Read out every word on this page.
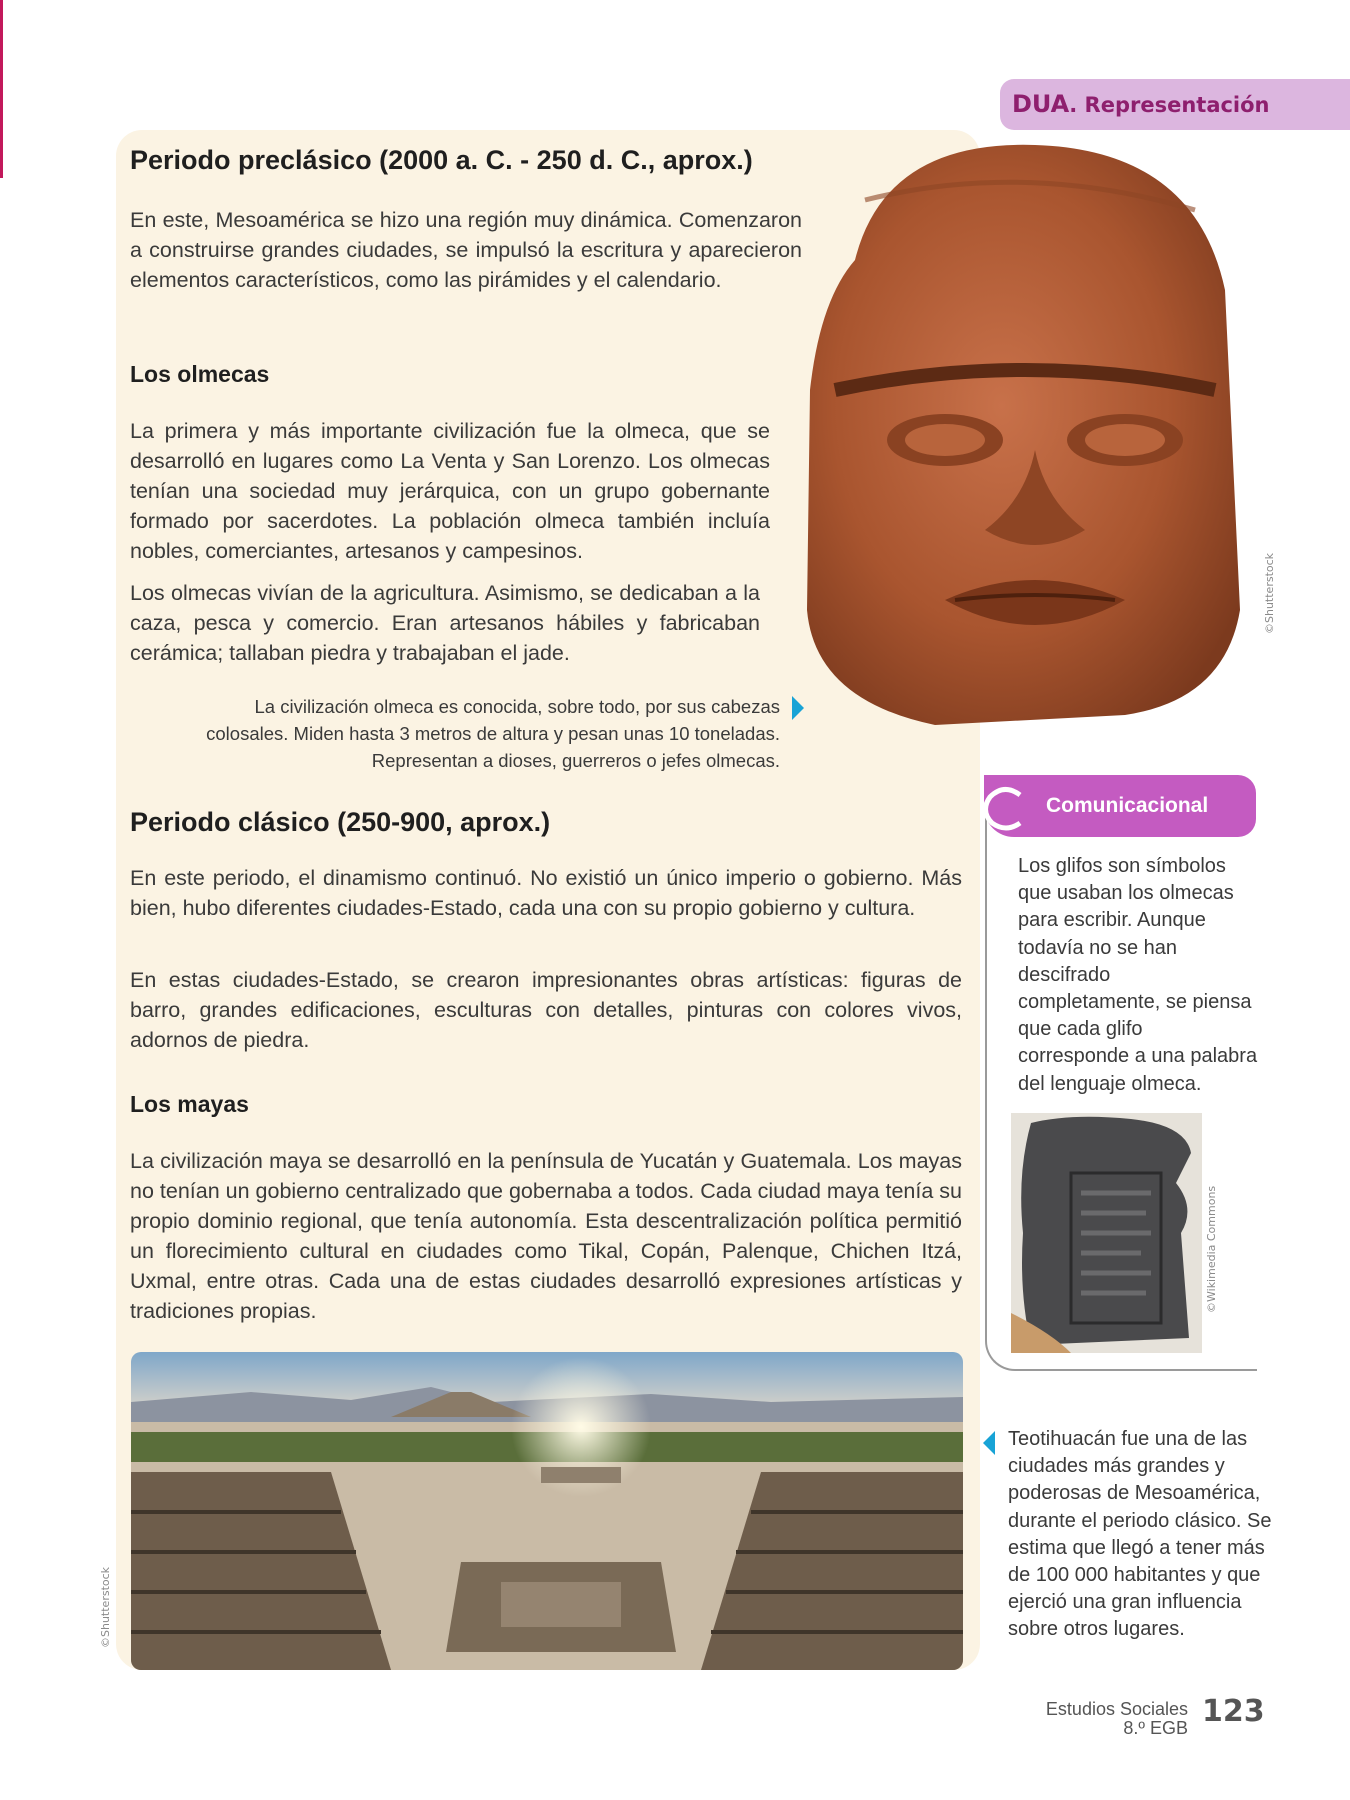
DUA. Representación
Periodo preclásico (2000 a. C. - 250 d. C., aprox.)

En este, Mesoamérica se hizo una región muy dinámica. Comenzaron a construirse grandes ciudades, se impulsó la escritura y aparecieron elementos característicos, como las pirámides y el calendario.

Los olmecas

La primera y más importante civilización fue la olmeca, que se desarrolló en lugares como La Venta y San Lorenzo. Los olmecas tenían una sociedad muy jerárquica, con un grupo gobernante formado por sacerdotes. La población olmeca también incluía nobles, comerciantes, artesanos y campesinos.

Los olmecas vivían de la agricultura. Asimismo, se dedicaban a la caza, pesca y comercio. Eran artesanos hábiles y fabricaban cerámica; tallaban piedra y trabajaban el jade.

La civilización olmeca es conocida, sobre todo, por sus cabezas
colosales. Miden hasta 3 metros de altura y pesan unas 10 toneladas.
Representan a dioses, guerreros o jefes olmecas.
©Shutterstock
Periodo clásico (250-900, aprox.)

En este periodo, el dinamismo continuó. No existió un único imperio o gobierno. Más bien, hubo diferentes ciudades-Estado, cada una con su propio gobierno y cultura.

En estas ciudades-Estado, se crearon impresionantes obras artísticas: figuras de barro, grandes edificaciones, esculturas con detalles, pinturas con colores vivos, adornos de piedra.

Los mayas

La civilización maya se desarrolló en la península de Yucatán y Guatemala. Los mayas no tenían un gobierno centralizado que gobernaba a todos. Cada ciudad maya tenía su propio dominio regional, que tenía autonomía. Esta descentralización política permitió un florecimiento cultural en ciudades como Tikal, Copán, Palenque, Chichen Itzá, Uxmal, entre otras. Cada una de estas ciudades desarrolló expresiones artísticas y tradiciones propias.

©Shutterstock
Comunicacional

Los glifos son símbolos que usaban los olmecas para escribir. Aunque todavía no se han descifrado completamente, se piensa que cada glifo corresponde a una palabra del lenguaje olmeca.

©Wikimedia Commons

Teotihuacán fue una de las ciudades más grandes y poderosas de Mesoamérica, durante el periodo clásico. Se estima que llegó a tener más de 100 000 habitantes y que ejerció una gran influencia sobre otros lugares.

Estudios Sociales
8.º EGB 123
